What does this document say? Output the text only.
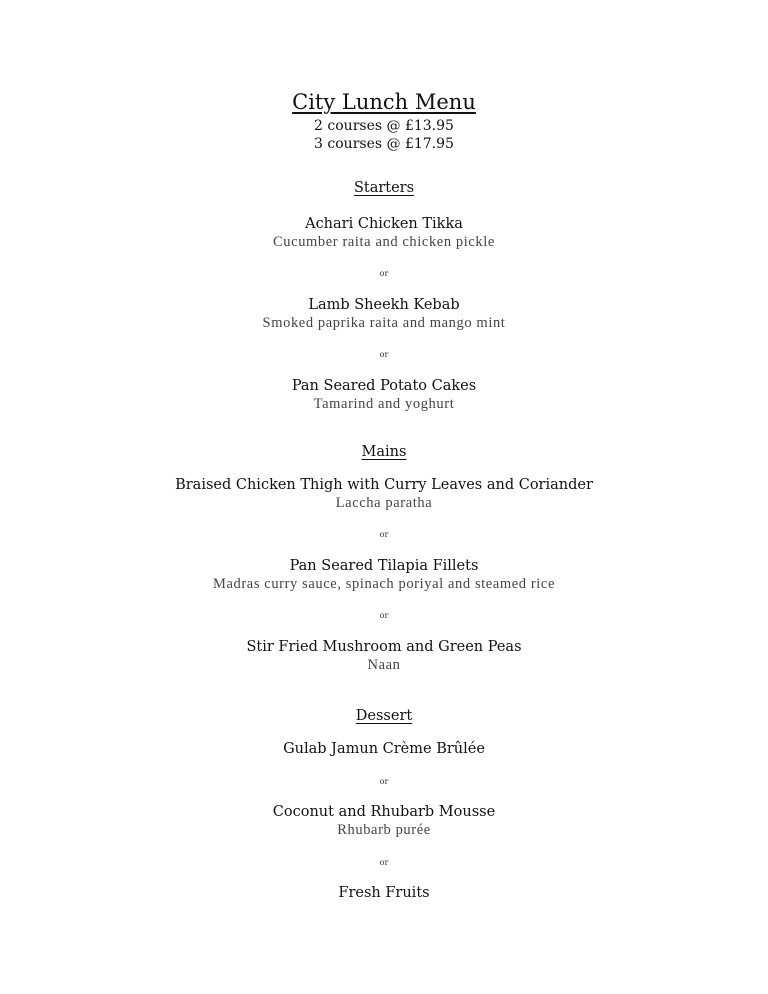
City Lunch Menu
2 courses @ £13.95
3 courses @ £17.95
Starters
Achari Chicken Tikka
Cucumber raita and chicken pickle
or
Lamb Sheekh Kebab
Smoked paprika raita and mango mint
or
Pan Seared Potato Cakes
Tamarind and yoghurt
Mains
Braised Chicken Thigh with Curry Leaves and Coriander
Laccha paratha
or
Pan Seared Tilapia Fillets
Madras curry sauce, spinach poriyal and steamed rice
or
Stir Fried Mushroom and Green Peas
Naan
Dessert
Gulab Jamun Crème Brûlée
or
Coconut and Rhubarb Mousse
Rhubarb purée
or
Fresh Fruits
